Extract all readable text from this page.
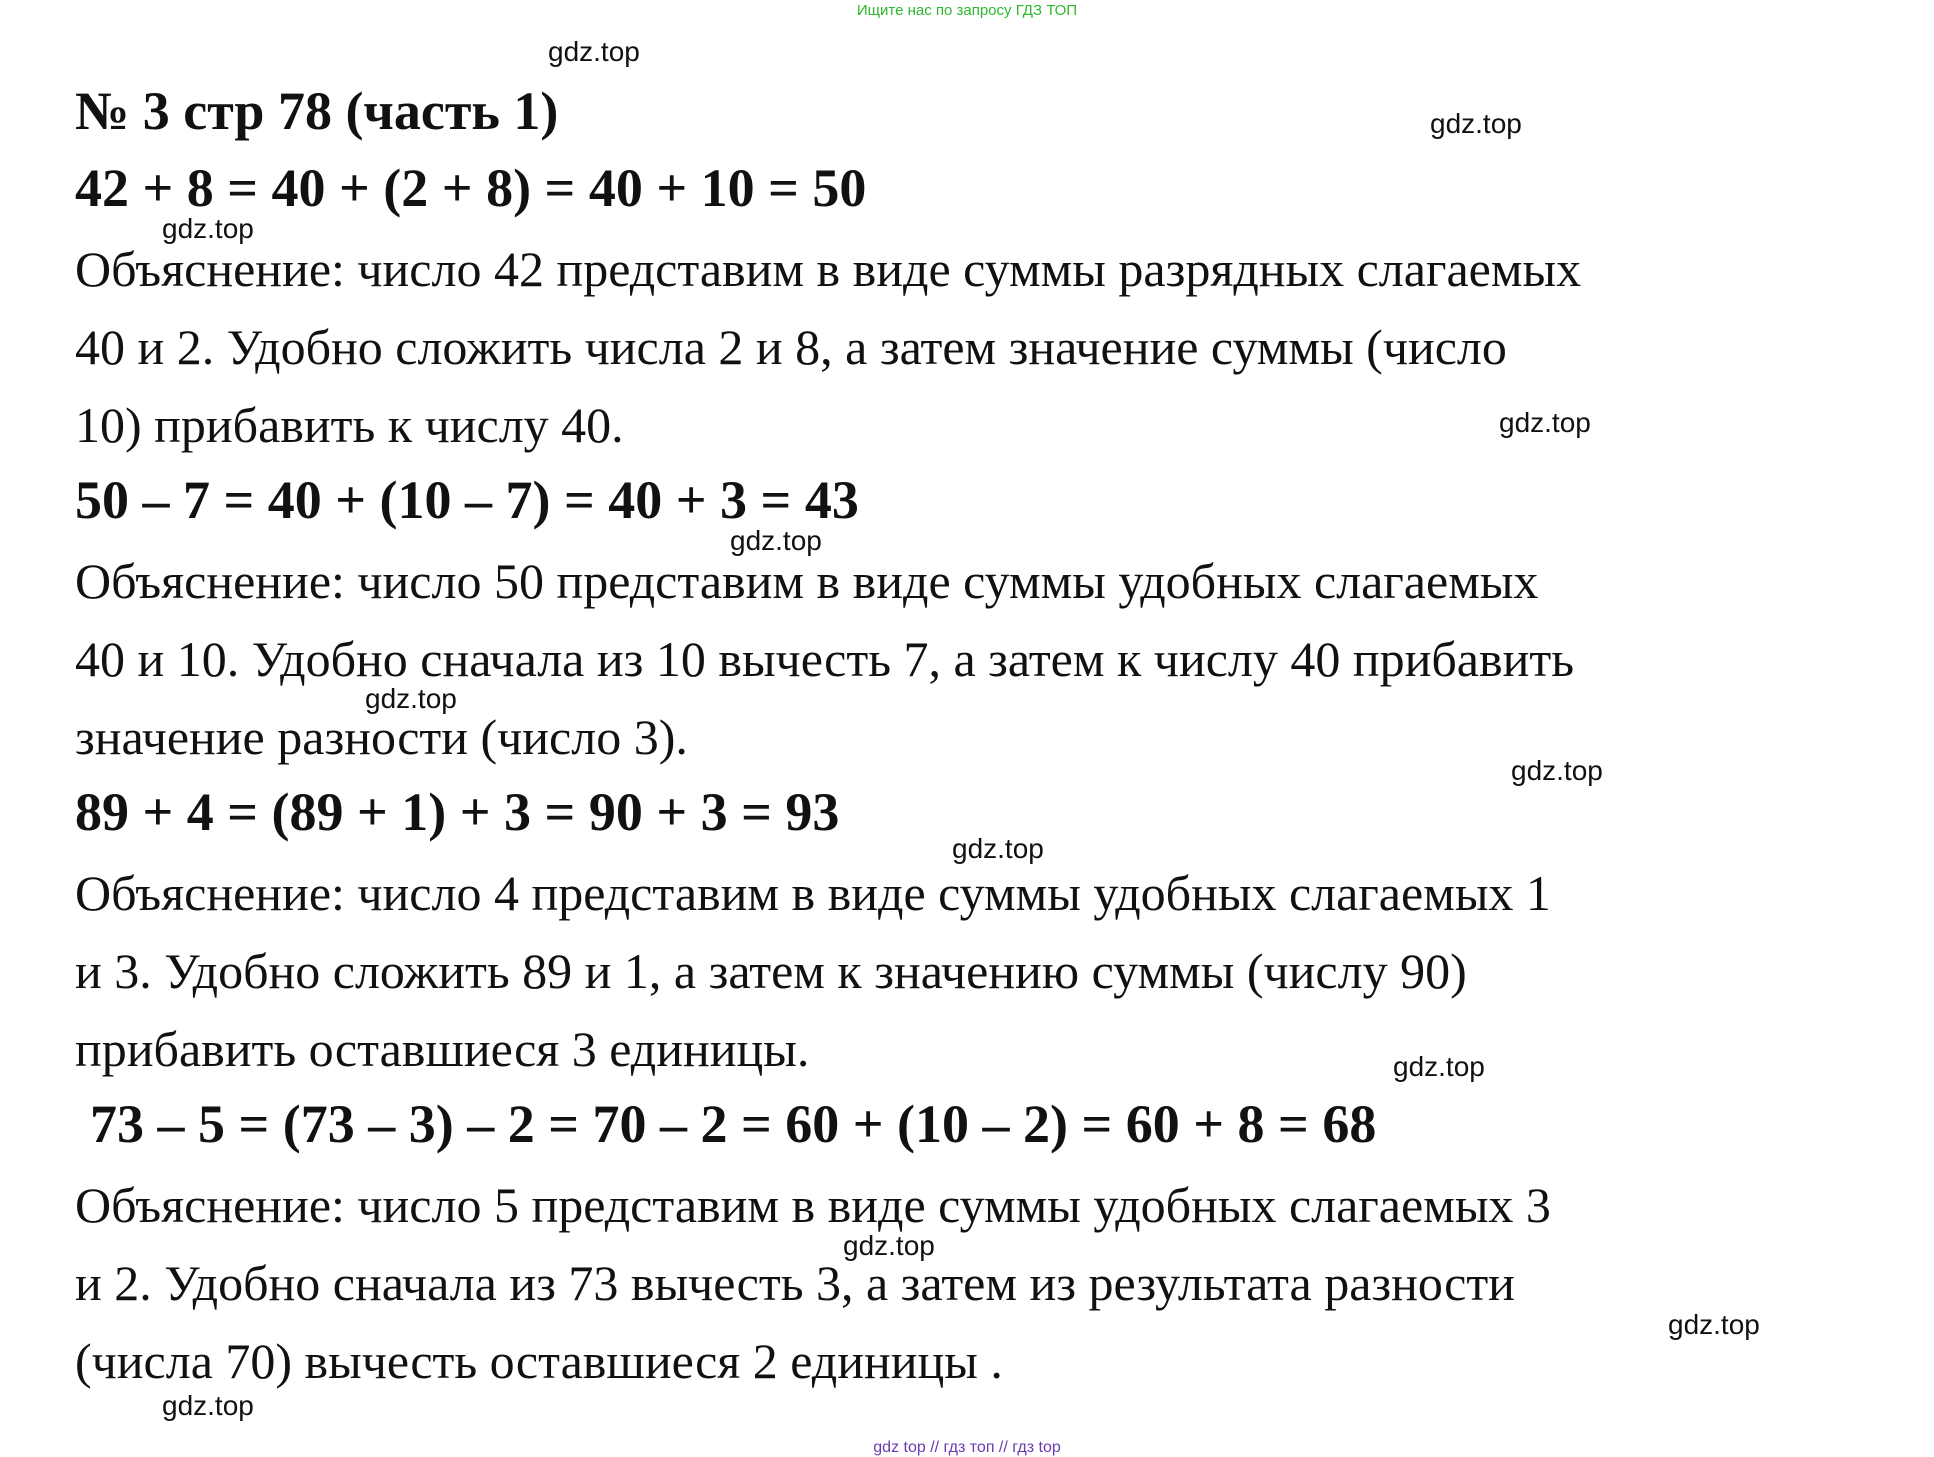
Ищите нас по запросу ГДЗ ТОП
№ 3 стр 78 (часть 1)
42 + 8 = 40 + (2 + 8) = 40 + 10 = 50
Объяснение: число 42 представим в виде суммы разрядных слагаемых
40 и 2. Удобно сложить числа 2 и 8, а затем значение суммы (число
10) прибавить к числу 40.
50 – 7 = 40 + (10 – 7) = 40 + 3 = 43
Объяснение: число 50 представим в виде суммы удобных слагаемых
40 и 10. Удобно сначала из 10 вычесть 7, а затем к числу 40 прибавить
значение разности (число 3).
89 + 4 = (89 + 1) + 3 = 90 + 3 = 93
Объяснение: число 4 представим в виде суммы удобных слагаемых 1
и 3. Удобно сложить 89 и 1, а затем к значению суммы (числу 90)
прибавить оставшиеся 3 единицы.
73 – 5 = (73 – 3) – 2 = 70 – 2 = 60 + (10 – 2) = 60 + 8 = 68
Объяснение: число 5 представим в виде суммы удобных слагаемых 3
и 2. Удобно сначала из 73 вычесть 3, а затем из результата разности
(числа 70) вычесть оставшиеся 2 единицы .
gdz.top
gdz.top
gdz.top
gdz.top
gdz.top
gdz.top
gdz.top
gdz.top
gdz.top
gdz.top
gdz.top
gdz.top
gdz top // гдз топ // гдз top
